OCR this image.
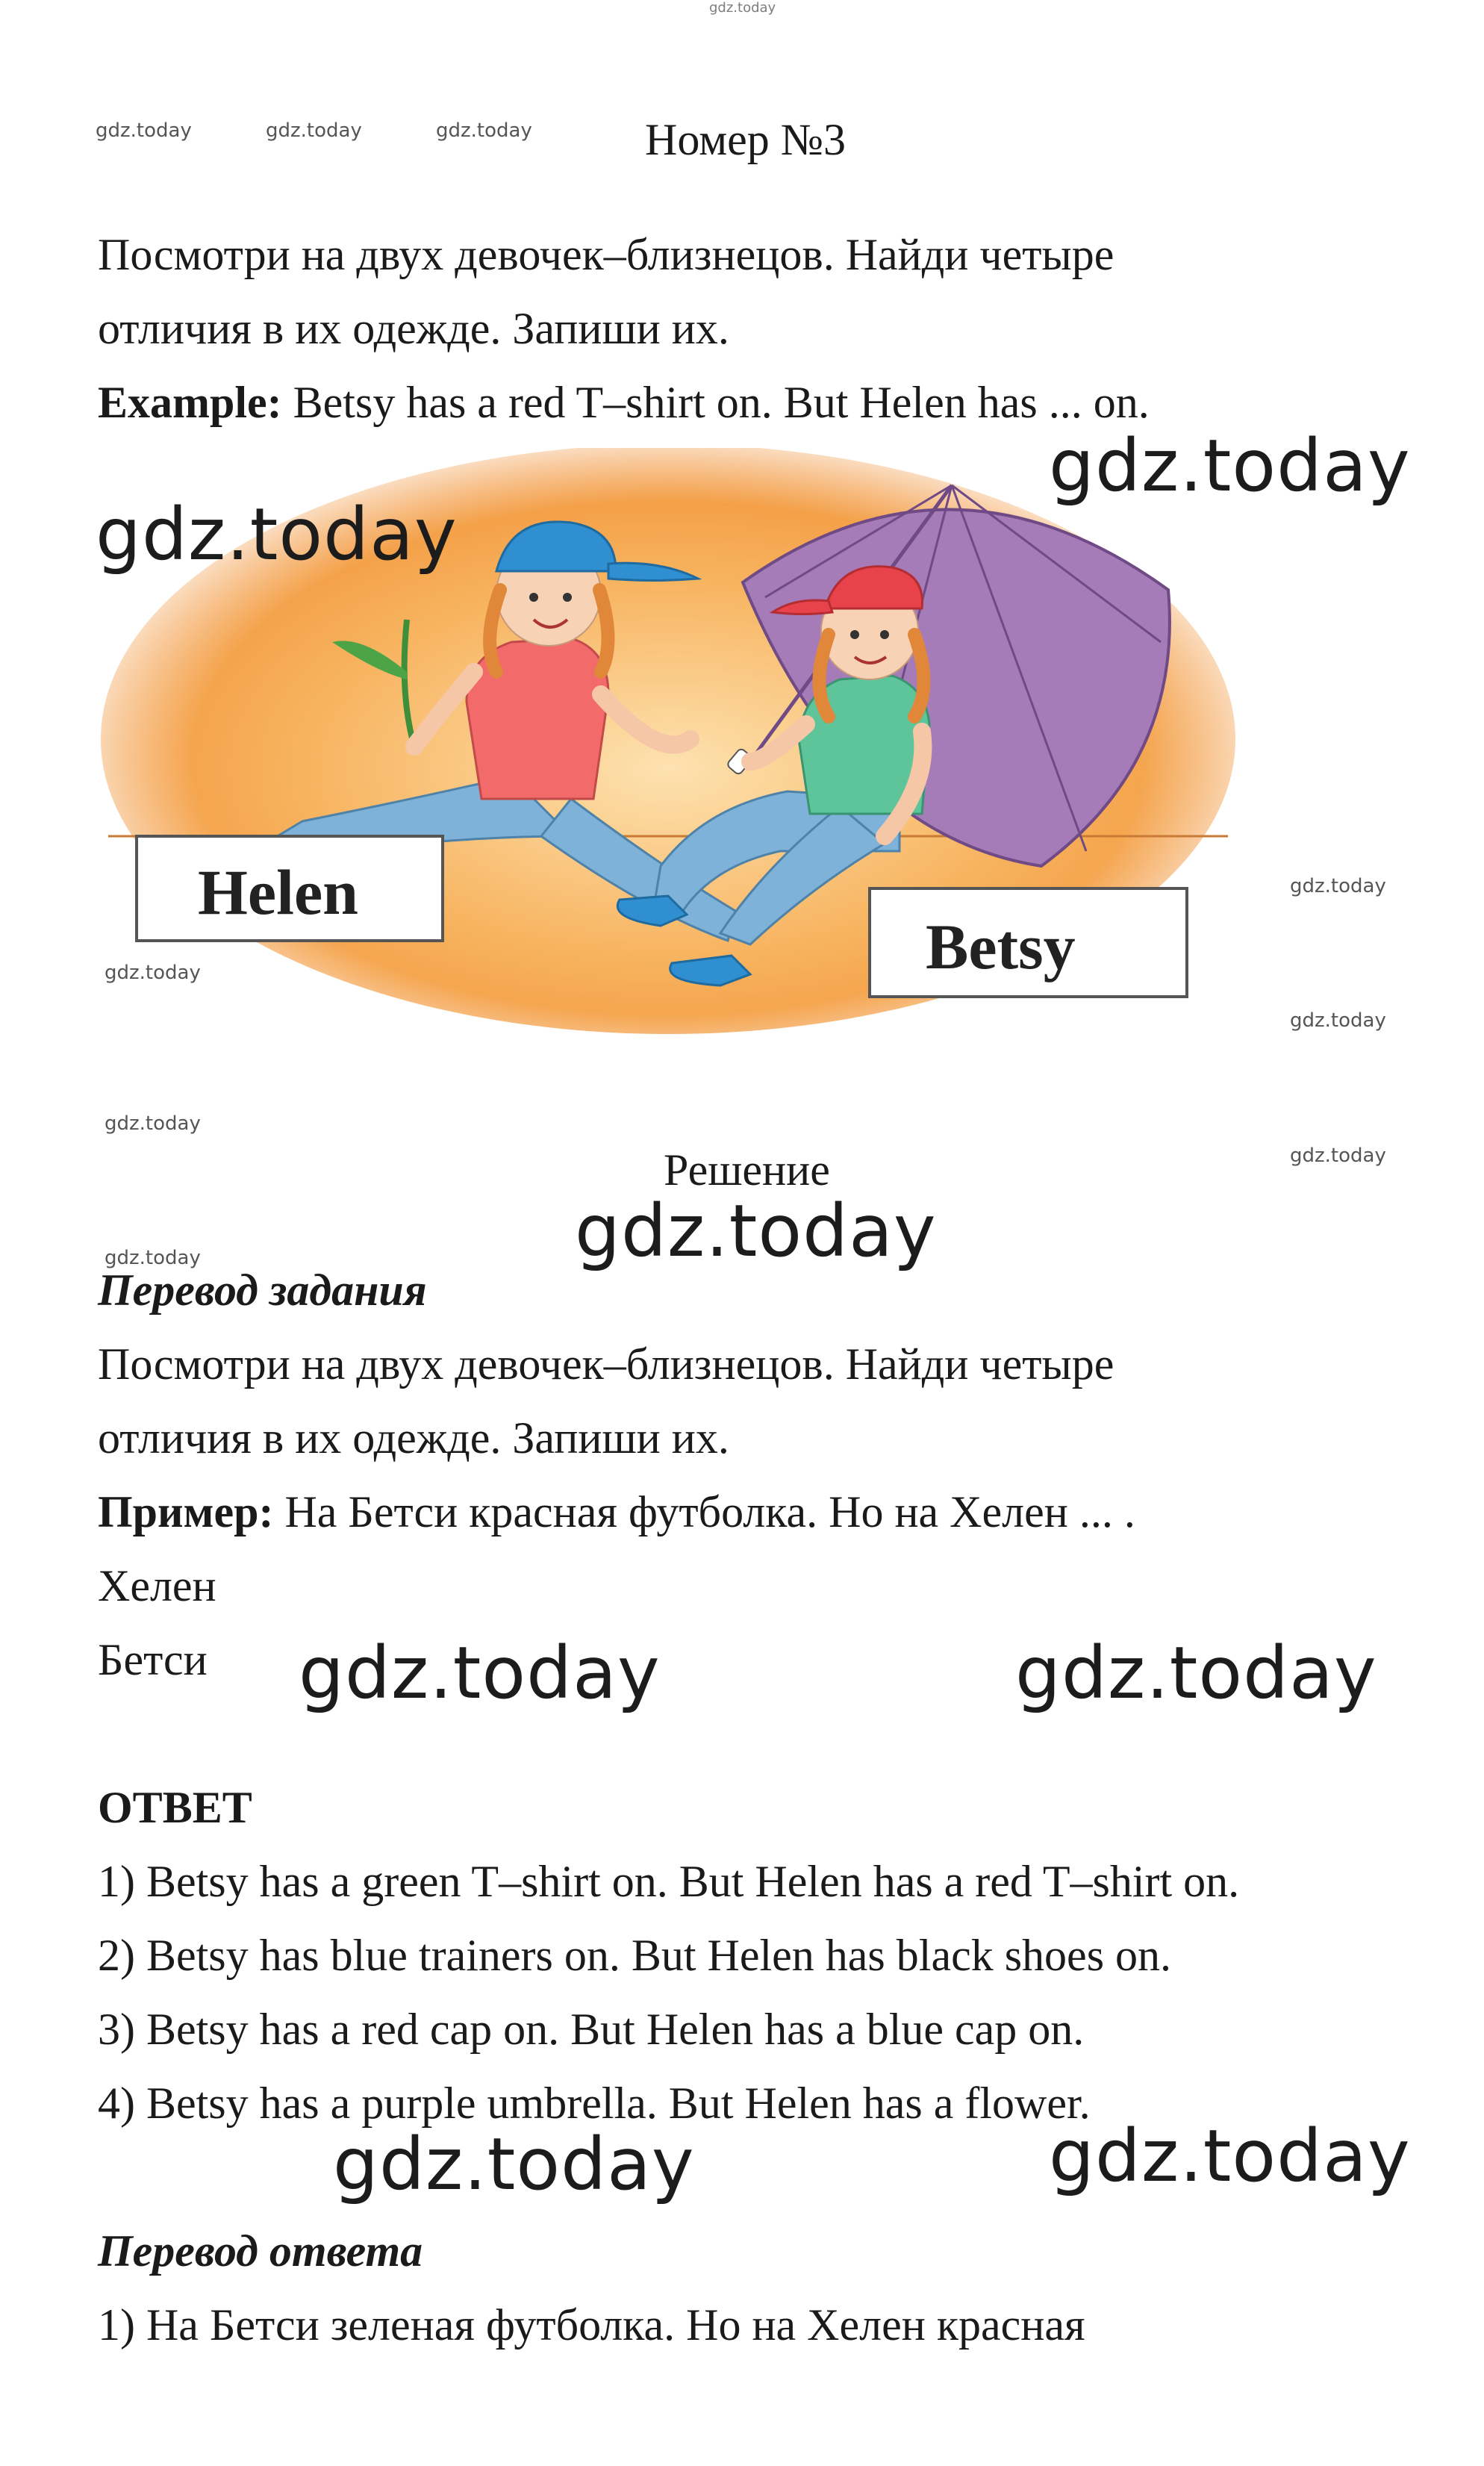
gdz.today
gdz.today	gdz.today	gdz.today	Номер №3
Посмотри на двух девочек–близнецов. Найди четыре
отличия в их одежде. Запиши их.
Example: Betsy has a red T–shirt on. But Helen has ... on.
Helen
Betsy
gdz.today
gdz.today
gdz.today
gdz.today
gdz.today
gdz.today
gdz.today
gdz.today
Решение
gdz.today
Перевод задания
Посмотри на двух девочек–близнецов. Найди четыре
отличия в их одежде. Запиши их.
Пример: На Бетси красная футболка. Но на Хелен ... .
Хелен
Бетси gdz.today	gdz.today
ОТВЕТ
1) Betsy has a green T–shirt on. But Helen has a red T–shirt on.
2) Betsy has blue trainers on. But Helen has black shoes on.
3) Betsy has a red cap on. But Helen has a blue cap on.
4) Betsy has a purple umbrella. But Helen has a flower.
gdz.today	gdz.today
Перевод ответа
1) На Бетси зеленая футболка. Но на Хелен красная
